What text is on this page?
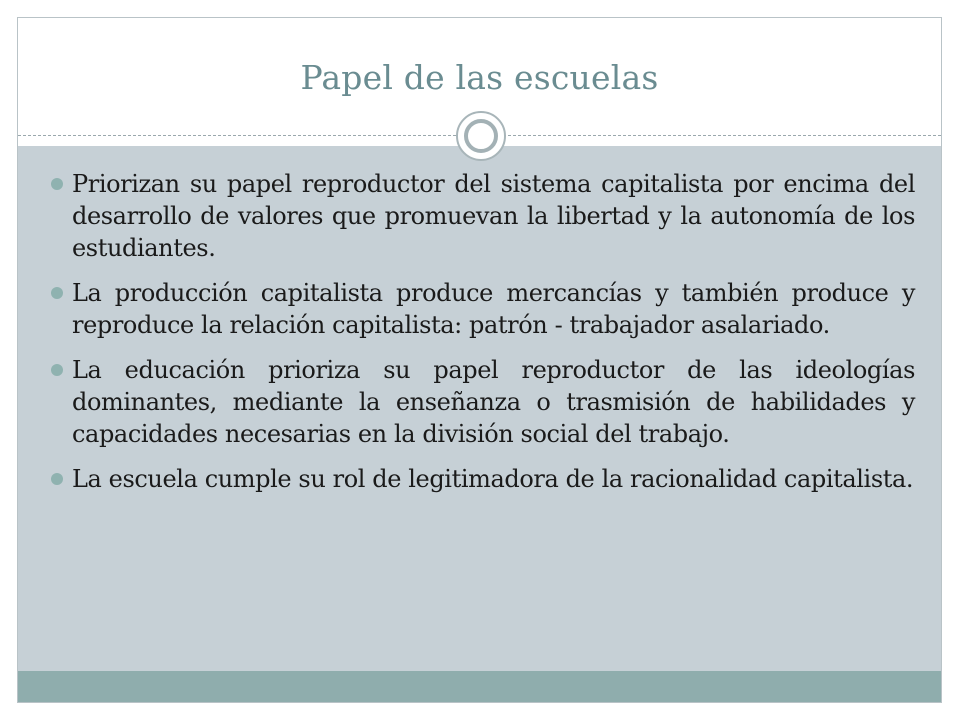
Papel de las escuelas
Priorizan su papel reproductor del sistema capitalista por encima del desarrollo de valores que promuevan la libertad y la autonomía de los estudiantes.
La producción capitalista produce mercancías y también produce y reproduce la relación capitalista: patrón - trabajador asalariado.
La educación prioriza su papel reproductor de las ideologías dominantes, mediante la enseñanza o trasmisión de habilidades y capacidades necesarias en la división social del trabajo.
La escuela cumple su rol de legitimadora de la racionalidad capitalista.
